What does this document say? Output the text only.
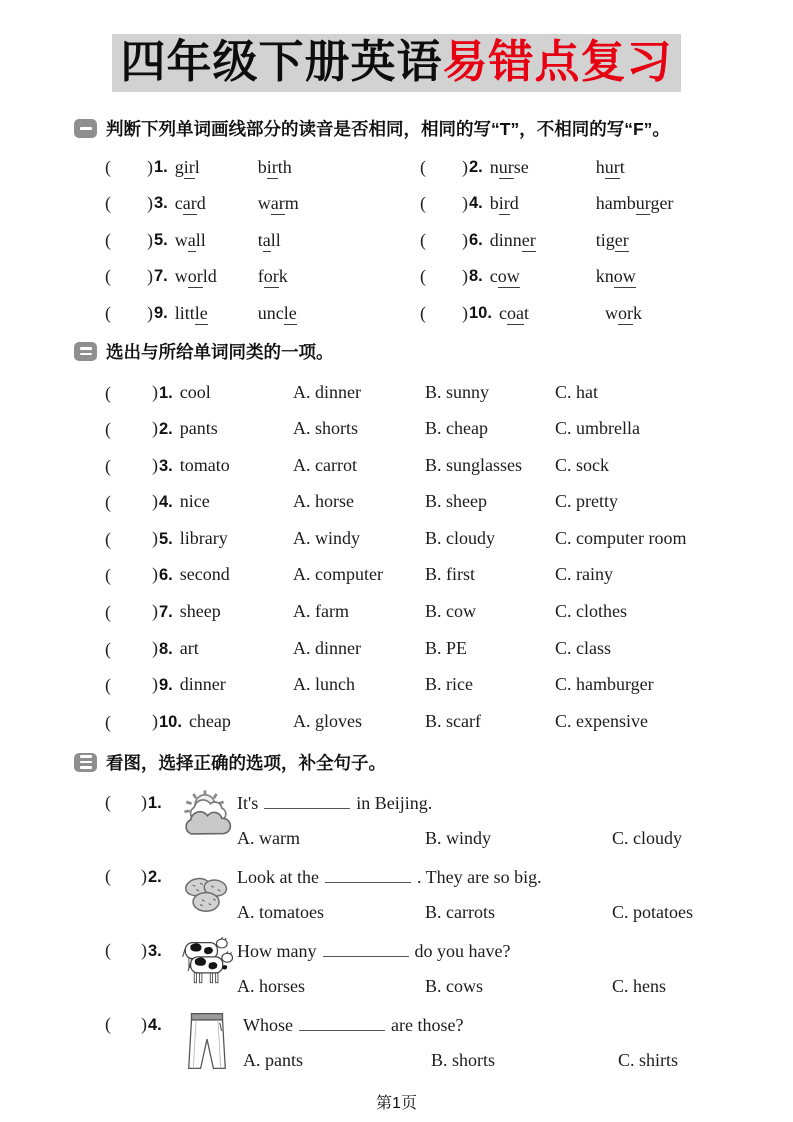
四年级下册英语易错点复习
判断下列单词画线部分的读音是否相同，相同的写“T”，不相同的写“F”。
( ) 1. girl	birth	( ) 2. nurse	hurt
( ) 3. card	warm	( ) 4. bird	hamburger
( ) 5. wall	tall	( ) 6. dinner	tiger
( ) 7. world	fork	( ) 8. cow	know
( ) 9. little	uncle	( ) 10. coat	work
选出与所给单词同类的一项。
(	)1. cool	A. dinner	B. sunny	C. hat
(	)2. pants	A. shorts	B. cheap	C. umbrella
(	)3. tomato	A. carrot	B. sunglasses	C. sock
(	)4. nice	A. horse	B. sheep	C. pretty
(	)5. library	A. windy	B. cloudy	C. computer room
(	)6. second	A. computer	B. first	C. rainy
(	)7. sheep	A. farm	B. cow	C. clothes
(	)8. art	A. dinner	B. PE	C. class
(	)9. dinner	A. lunch	B. rice	C. hamburger
(	)10. cheap	A. gloves	B. scarf	C. expensive
看图，选择正确的选项，补全句子。
( )1.	It's	in Beijing.
A. warm	B. windy	C. cloudy
( )2.	Look at the	. They are so big.
A. tomatoes	B. carrots	C. potatoes
( )3.	How many	do you have?
A. horses	B. cows	C. hens
( )4.	Whose	are those?
A. pants	B. shorts	C. shirts
第1页
